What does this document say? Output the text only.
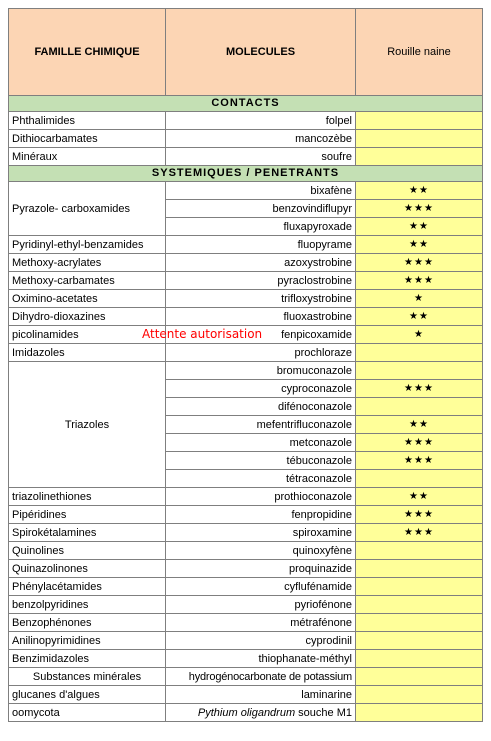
FAMILLE CHIMIQUE	MOLECULES	Rouille naine
CONTACTS		
Phthalimides	folpel	
Dithiocarbamates	mancozèbe	
Minéraux	soufre	
SYSTEMIQUES / PENETRANTS		
Pyrazole- carboxamides	bixafène	★★
	benzovindiflupyr	★★★
	fluxapyroxade	★★
Pyridinyl-ethyl-benzamides	fluopyrame	★★
Methoxy-acrylates	azoxystrobine	★★★
Methoxy-carbamates	pyraclostrobine	★★★
Oximino-acetates	trifloxystrobine	★
Dihydro-dioxazines	fluoxastrobine	★★
picolinamides	Attente autorisation fenpicoxamide	★
Imidazoles	prochloraze	
Triazoles	bromuconazole	
	cyproconazole	★★★
	difénoconazole	
	mefentrifluconazole	★★
	metconazole	★★★
	tébuconazole	★★★
	tétraconazole	
triazolinethiones	prothioconazole	★★
Pipéridines	fenpropidine	★★★
Spirokétalamines	spiroxamine	★★★
Quinolines	quinoxyfène	
Quinazolinones	proquinazide	
Phénylacétamides	cyflufénamide	
benzolpyridines	pyriofénone	
Benzophénones	métrafénone	
Anilinopyrimidines	cyprodinil	
Benzimidazoles	thiophanate-méthyl	
Substances minérales	hydrogénocarbonate de potassium	
glucanes d'algues	laminarine	
oomycota	Pythium oligandrum souche M1	
